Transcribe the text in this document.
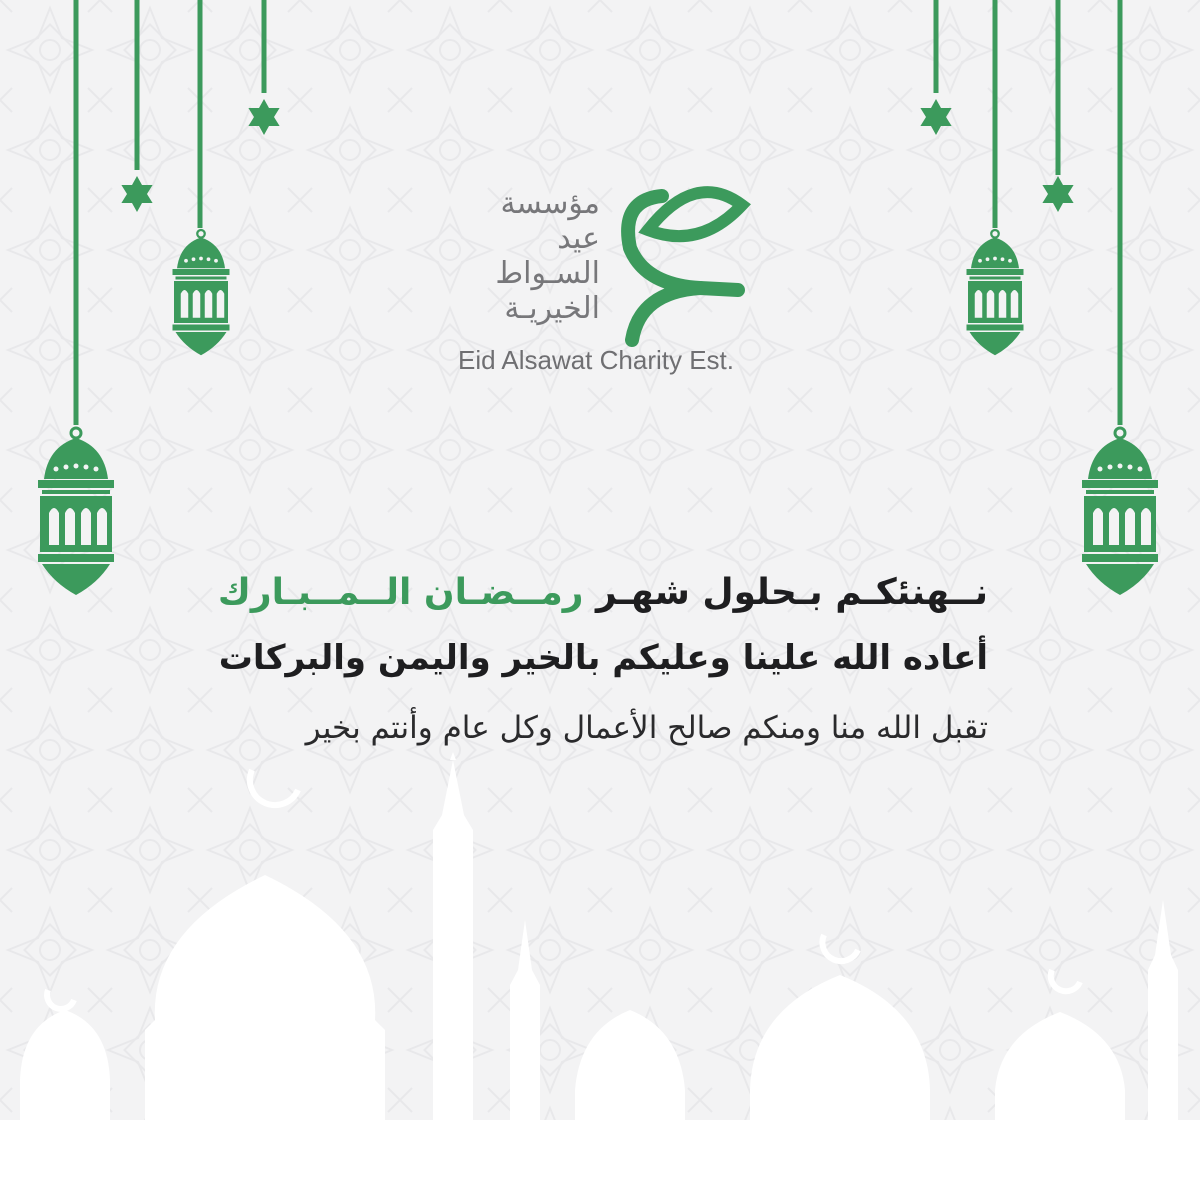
مؤسسة
عيد
السـواط
الخيريـة
Eid Alsawat Charity Est.
نــهنئكـم بـحلول شهـر رمــضـان الــمــبـارك
أعاده الله علينا وعليكم بالخير واليمن والبركات
تقبل الله منا ومنكم صالح الأعمال وكل عام وأنتم بخير
